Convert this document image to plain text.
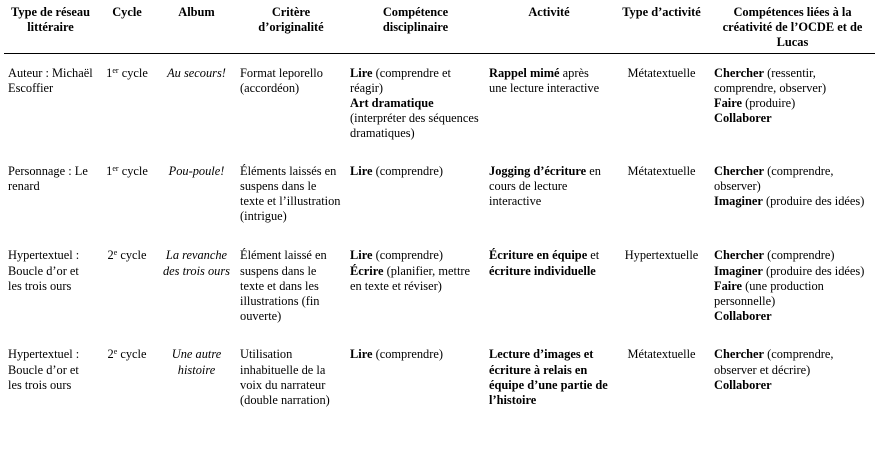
Type de réseau littéraire	Cycle	Album	Critère d’originalité	Compétence disciplinaire	Activité	Type d’activité	Compétences liées à la créativité de l’OCDE et de Lucas
Auteur : Michaël Escoffier	1er cycle	Au secours!	Format leporello (accordéon)	Lire (comprendre et réagir)
Art dramatique (interpréter des séquences dramatiques)	Rappel mimé après une lecture interactive	Métatextuelle	Chercher (ressentir, comprendre, observer)
Faire (produire)
Collaborer

Personnage : Le renard	1er cycle	Pou-poule!	Éléments laissés en suspens dans le texte et l’illustration (intrigue)	Lire (comprendre)	Jogging d’écriture en cours de lecture interactive	Métatextuelle	Chercher (comprendre, observer)
Imaginer (produire des idées)

Hypertextuel : Boucle d’or et les trois ours	2e cycle	La revanche des trois ours	Élément laissé en suspens dans le texte et dans les illustrations (fin ouverte)	Lire (comprendre)
Écrire (planifier, mettre en texte et réviser)	Écriture en équipe et écriture individuelle	Hypertextuelle	Chercher (comprendre)
Imaginer (produire des idées)
Faire (une production personnelle)
Collaborer

Hypertextuel : Boucle d’or et les trois ours	2e cycle	Une autre histoire	Utilisation inhabituelle de la voix du narrateur (double narration)	Lire (comprendre)	Lecture d’images et écriture à relais en équipe d’une partie de l’histoire	Métatextuelle	Chercher (comprendre, observer et décrire)
Collaborer
